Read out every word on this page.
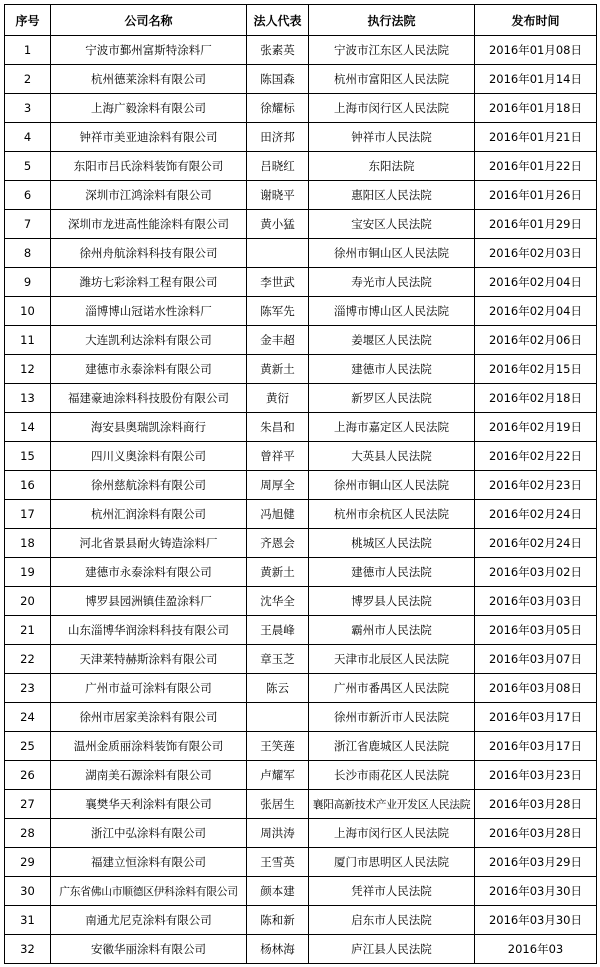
序号	公司名称	法人代表	执行法院	发布时间
1	宁波市鄞州富斯特涂料厂	张素英	宁波市江东区人民法院	2016年01月08日
2	杭州德莱涂料有限公司	陈国森	杭州市富阳区人民法院	2016年01月14日
3	上海广毅涂料有限公司	徐耀标	上海市闵行区人民法院	2016年01月18日
4	钟祥市美亚迪涂料有限公司	田济邦	钟祥市人民法院	2016年01月21日
5	东阳市吕氏涂料装饰有限公司	吕晓红	东阳法院	2016年01月22日
6	深圳市江鸿涂料有限公司	谢晓平	惠阳区人民法院	2016年01月26日
7	深圳市龙进高性能涂料有限公司	黄小猛	宝安区人民法院	2016年01月29日
8	徐州舟航涂料科技有限公司		徐州市铜山区人民法院	2016年02月03日
9	潍坊七彩涂料工程有限公司	李世武	寿光市人民法院	2016年02月04日
10	淄博博山冠诺水性涂料厂	陈军先	淄博市博山区人民法院	2016年02月04日
11	大连凯利达涂料有限公司	金丰超	姜堰区人民法院	2016年02月06日
12	建德市永泰涂料有限公司	黄新土	建德市人民法院	2016年02月15日
13	福建豪迪涂料科技股份有限公司	黄衍	新罗区人民法院	2016年02月18日
14	海安县奥瑞凯涂料商行	朱昌和	上海市嘉定区人民法院	2016年02月19日
15	四川义奥涂料有限公司	曾祥平	大英县人民法院	2016年02月22日
16	徐州慈航涂料有限公司	周厚全	徐州市铜山区人民法院	2016年02月23日
17	杭州汇润涂料有限公司	冯旭健	杭州市余杭区人民法院	2016年02月24日
18	河北省景县耐火铸造涂料厂	齐恩会	桃城区人民法院	2016年02月24日
19	建德市永泰涂料有限公司	黄新土	建德市人民法院	2016年03月02日
20	博罗县园洲镇佳盈涂料厂	沈华全	博罗县人民法院	2016年03月03日
21	山东淄博华润涂料科技有限公司	王晨峰	霸州市人民法院	2016年03月05日
22	天津莱特赫斯涂料有限公司	章玉芝	天津市北辰区人民法院	2016年03月07日
23	广州市益可涂料有限公司	陈云	广州市番禺区人民法院	2016年03月08日
24	徐州市居家美涂料有限公司		徐州市新沂市人民法院	2016年03月17日
25	温州金质丽涂料装饰有限公司	王笑莲	浙江省鹿城区人民法院	2016年03月17日
26	湖南美石源涂料有限公司	卢耀军	长沙市雨花区人民法院	2016年03月23日
27	襄樊华天利涂料有限公司	张居生	襄阳高新技术产业开发区人民法院	2016年03月28日
28	浙江中弘涂料有限公司	周洪涛	上海市闵行区人民法院	2016年03月28日
29	福建立恒涂料有限公司	王雪英	厦门市思明区人民法院	2016年03月29日
30	广东省佛山市顺德区伊科涂料有限公司	颜本建	凭祥市人民法院	2016年03月30日
31	南通尤尼克涂料有限公司	陈和新	启东市人民法院	2016年03月30日
32	安徽华丽涂料有限公司	杨林海	庐江县人民法院	2016年03
